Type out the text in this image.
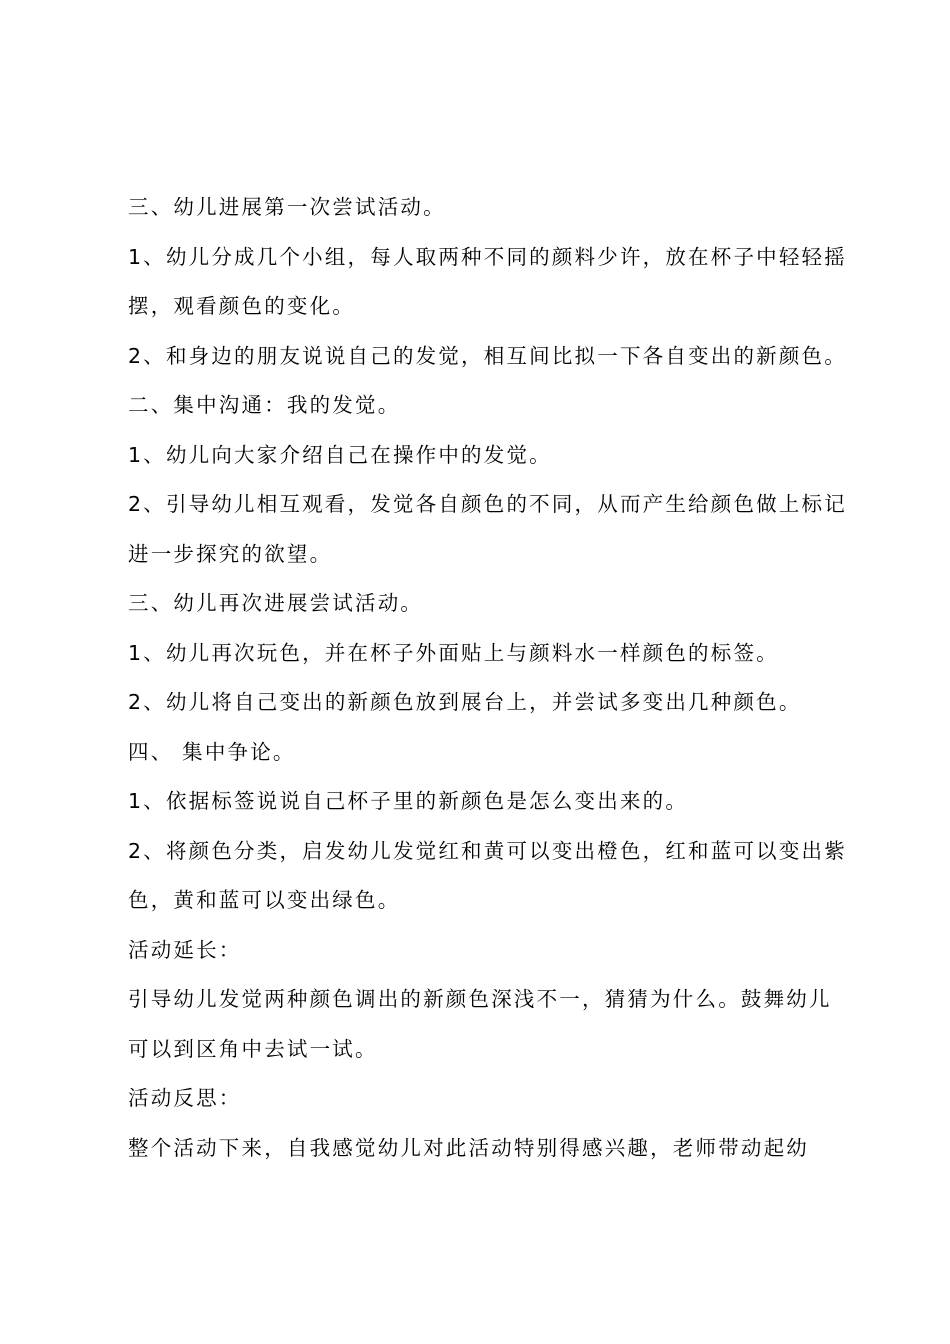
三、幼儿进展第一次尝试活动。
1、幼儿分成几个小组，每人取两种不同的颜料少许，放在杯子中轻轻摇
摆，观看颜色的变化。
2、和身边的朋友说说自己的发觉，相互间比拟一下各自变出的新颜色。
二、集中沟通：我的发觉。
1、幼儿向大家介绍自己在操作中的发觉。
2、引导幼儿相互观看，发觉各自颜色的不同，从而产生给颜色做上标记
进一步探究的欲望。
三、幼儿再次进展尝试活动。
1、幼儿再次玩色，并在杯子外面贴上与颜料水一样颜色的标签。
2、幼儿将自己变出的新颜色放到展台上，并尝试多变出几种颜色。
四、 集中争论。
1、依据标签说说自己杯子里的新颜色是怎么变出来的。
2、将颜色分类，启发幼儿发觉红和黄可以变出橙色，红和蓝可以变出紫
色，黄和蓝可以变出绿色。
活动延长：
引导幼儿发觉两种颜色调出的新颜色深浅不一，猜猜为什么。鼓舞幼儿
可以到区角中去试一试。
活动反思：
整个活动下来，自我感觉幼儿对此活动特别得感兴趣，老师带动起幼
